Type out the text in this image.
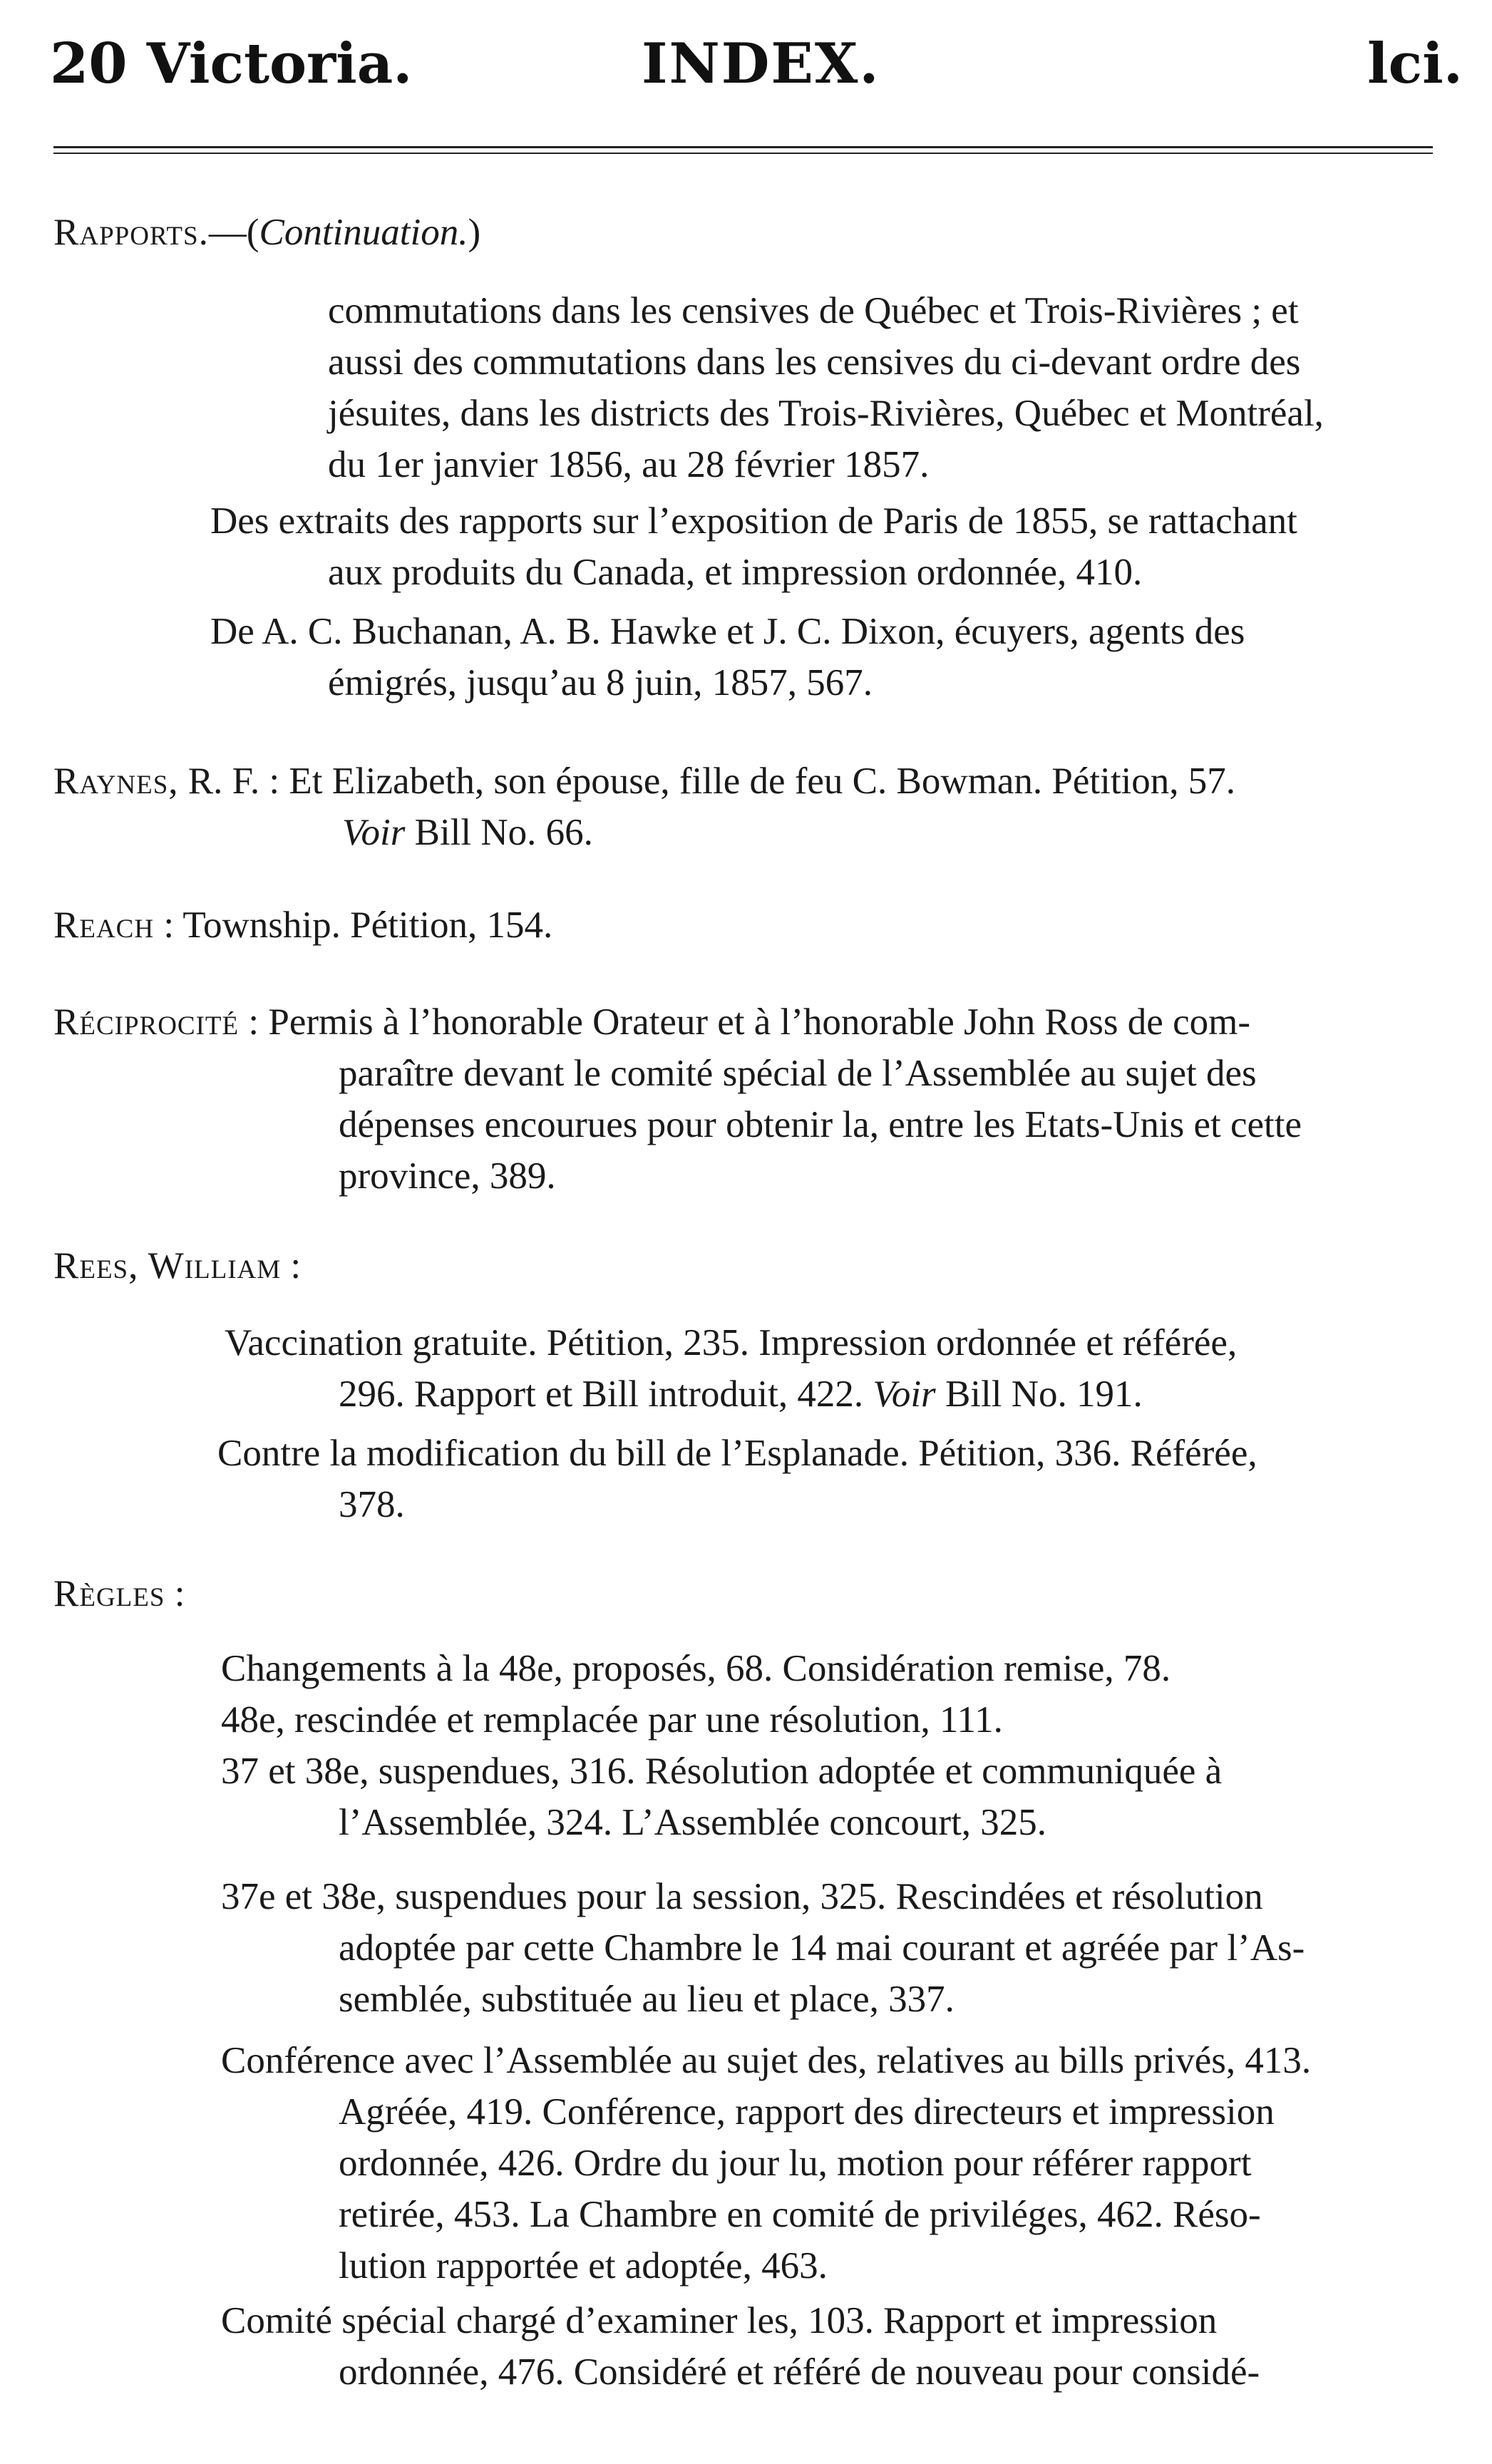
20 Victoria.	INDEX.	lci.
Rapports.—(Continuation.)
commutations dans les censives de Québec et Trois-Rivières ; et
aussi des commutations dans les censives du ci-devant ordre des
jésuites, dans les districts des Trois-Rivières, Québec et Montréal,
du 1er janvier 1856, au 28 février 1857.
Des extraits des rapports sur l’exposition de Paris de 1855, se rattachant
aux produits du Canada, et impression ordonnée, 410.
De A. C. Buchanan, A. B. Hawke et J. C. Dixon, écuyers, agents des
émigrés, jusqu’au 8 juin, 1857, 567.
Raynes, R. F. : Et Elizabeth, son épouse, fille de feu C. Bowman. Pétition, 57.
Voir Bill No. 66.
Reach : Township. Pétition, 154.
Réciprocité : Permis à l’honorable Orateur et à l’honorable John Ross de com-
paraître devant le comité spécial de l’Assemblée au sujet des
dépenses encourues pour obtenir la, entre les Etats-Unis et cette
province, 389.
Rees, William :
Vaccination gratuite. Pétition, 235. Impression ordonnée et référée,
296. Rapport et Bill introduit, 422. Voir Bill No. 191.
Contre la modification du bill de l’Esplanade. Pétition, 336. Référée,
378.
Règles :
Changements à la 48e, proposés, 68. Considération remise, 78.
48e, rescindée et remplacée par une résolution, 111.
37 et 38e, suspendues, 316. Résolution adoptée et communiquée à
l’Assemblée, 324. L’Assemblée concourt, 325.
37e et 38e, suspendues pour la session, 325. Rescindées et résolution
adoptée par cette Chambre le 14 mai courant et agréée par l’As-
semblée, substituée au lieu et place, 337.
Conférence avec l’Assemblée au sujet des, relatives au bills privés, 413.
Agréée, 419. Conférence, rapport des directeurs et impression
ordonnée, 426. Ordre du jour lu, motion pour référer rapport
retirée, 453. La Chambre en comité de priviléges, 462. Réso-
lution rapportée et adoptée, 463.
Comité spécial chargé d’examiner les, 103. Rapport et impression
ordonnée, 476. Considéré et référé de nouveau pour considé-
